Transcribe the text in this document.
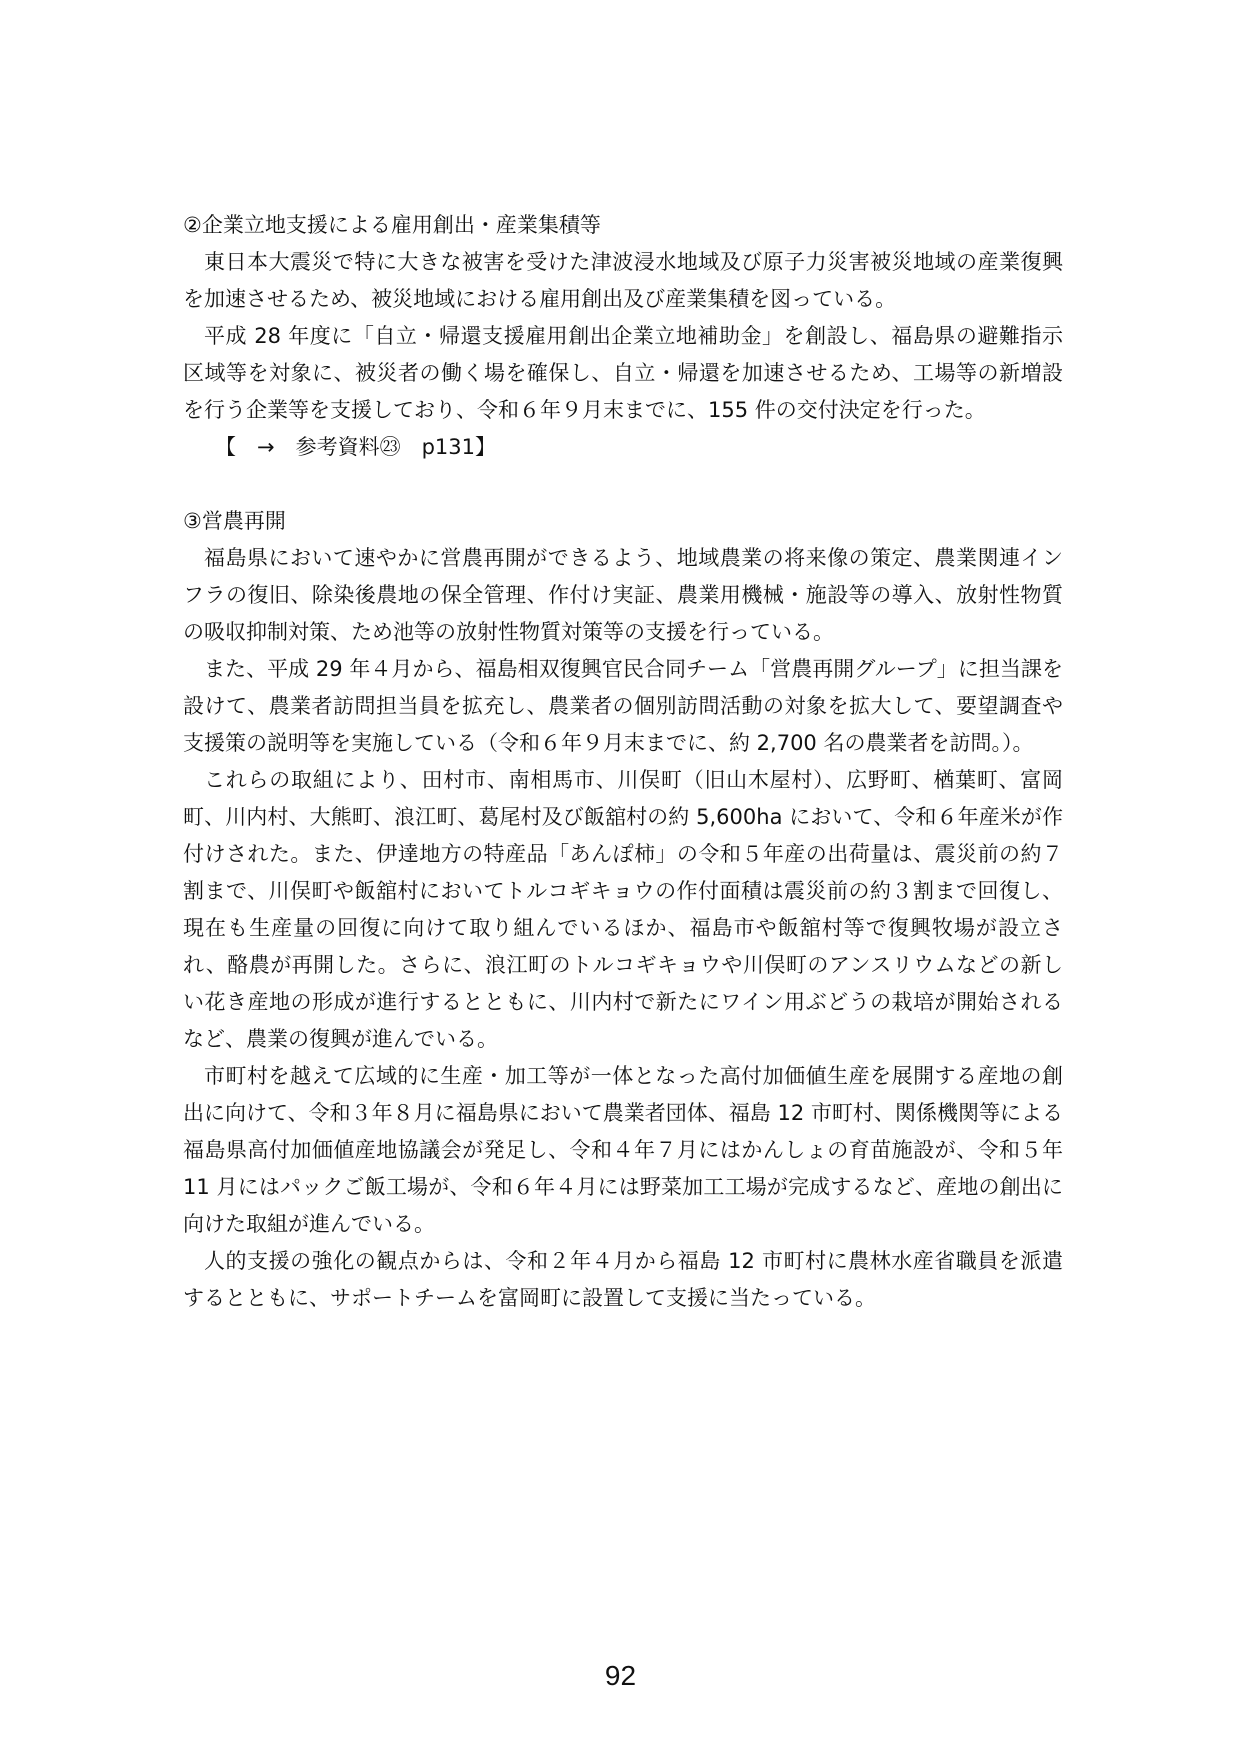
②企業立地支援による雇用創出・産業集積等

東日本大震災で特に大きな被害を受けた津波浸水地域及び原子力災害被災地域の産業復興を加速させるため、被災地域における雇用創出及び産業集積を図っている。

平成 28 年度に「自立・帰還支援雇用創出企業立地補助金」を創設し、福島県の避難指示区域等を対象に、被災者の働く場を確保し、自立・帰還を加速させるため、工場等の新増設を行う企業等を支援しており、令和６年９月末までに、155 件の交付決定を行った。

【　→　参考資料㉓　p131】

③営農再開

福島県において速やかに営農再開ができるよう、地域農業の将来像の策定、農業関連インフラの復旧、除染後農地の保全管理、作付け実証、農業用機械・施設等の導入、放射性物質の吸収抑制対策、ため池等の放射性物質対策等の支援を行っている。

また、平成 29 年４月から、福島相双復興官民合同チーム「営農再開グループ」に担当課を設けて、農業者訪問担当員を拡充し、農業者の個別訪問活動の対象を拡大して、要望調査や支援策の説明等を実施している（令和６年９月末までに、約 2,700 名の農業者を訪問。）。

これらの取組により、田村市、南相馬市、川俣町（旧山木屋村）、広野町、楢葉町、富岡町、川内村、大熊町、浪江町、葛尾村及び飯舘村の約 5,600ha において、令和６年産米が作付けされた。また、伊達地方の特産品「あんぽ柿」の令和５年産の出荷量は、震災前の約７割まで、川俣町や飯舘村においてトルコギキョウの作付面積は震災前の約３割まで回復し、現在も生産量の回復に向けて取り組んでいるほか、福島市や飯舘村等で復興牧場が設立され、酪農が再開した。さらに、浪江町のトルコギキョウや川俣町のアンスリウムなどの新しい花き産地の形成が進行するとともに、川内村で新たにワイン用ぶどうの栽培が開始されるなど、農業の復興が進んでいる。

市町村を越えて広域的に生産・加工等が一体となった高付加価値生産を展開する産地の創出に向けて、令和３年８月に福島県において農業者団体、福島 12 市町村、関係機関等による福島県高付加価値産地協議会が発足し、令和４年７月にはかんしょの育苗施設が、令和５年 11 月にはパックご飯工場が、令和６年４月には野菜加工工場が完成するなど、産地の創出に向けた取組が進んでいる。

人的支援の強化の観点からは、令和２年４月から福島 12 市町村に農林水産省職員を派遣するとともに、サポートチームを富岡町に設置して支援に当たっている。

92
